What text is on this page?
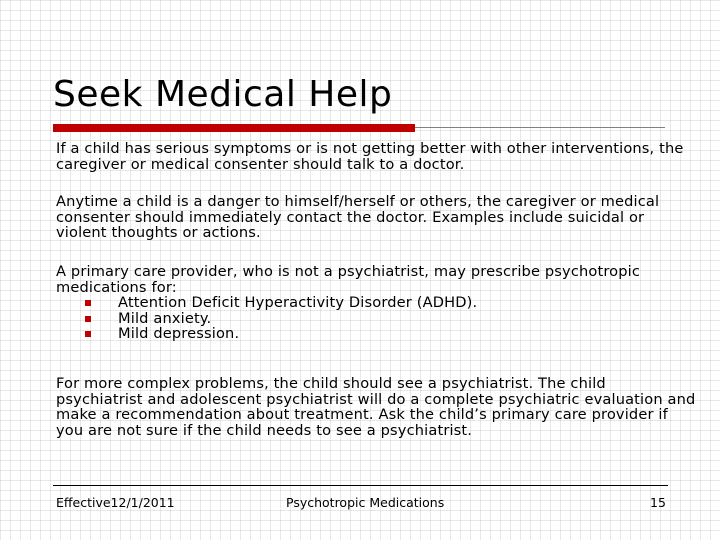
Seek Medical Help

If a child has serious symptoms or is not getting better with other interventions, the caregiver or medical consenter should talk to a doctor.

Anytime a child is a danger to himself/herself or others, the caregiver or medical consenter should immediately contact the doctor. Examples include suicidal or violent thoughts or actions.

A primary care provider, who is not a psychiatrist, may prescribe psychotropic medications for:
Attention Deficit Hyperactivity Disorder (ADHD).
Mild anxiety.
Mild depression.

For more complex problems, the child should see a psychiatrist. The child psychiatrist and adolescent psychiatrist will do a complete psychiatric evaluation and make a recommendation about treatment. Ask the child’s primary care provider if you are not sure if the child needs to see a psychiatrist.

Effective12/1/2011	Psychotropic Medications	15
